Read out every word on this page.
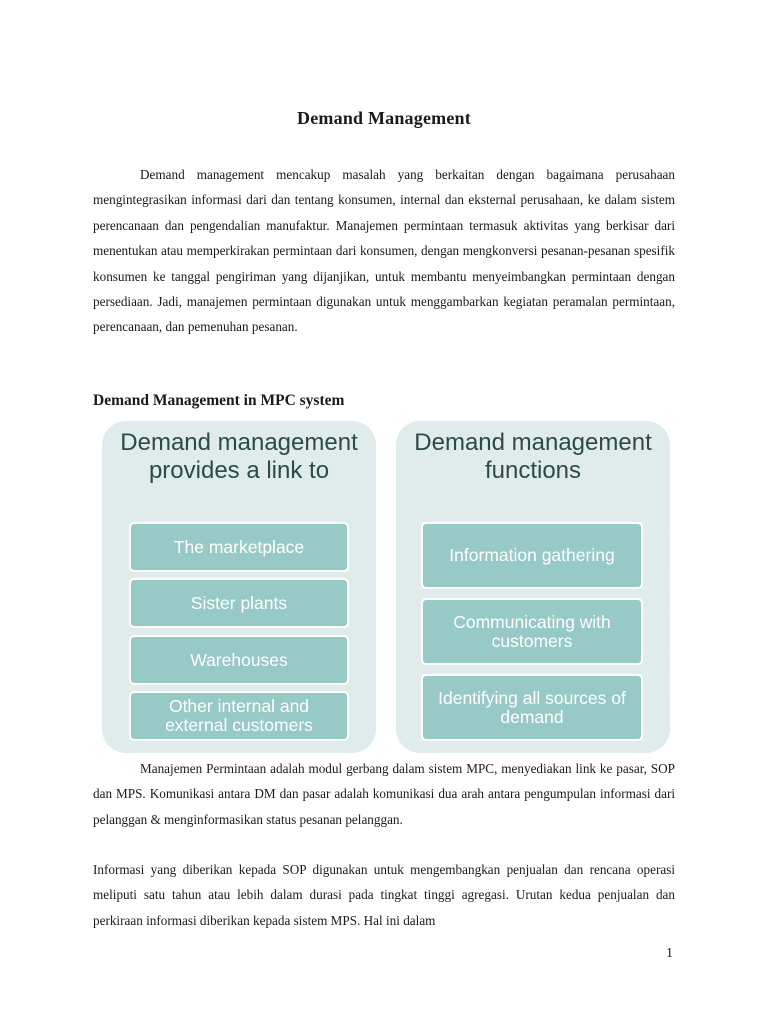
Demand Management

Demand management mencakup masalah yang berkaitan dengan bagaimana perusahaan mengintegrasikan informasi dari dan tentang konsumen, internal dan eksternal perusahaan, ke dalam sistem perencanaan dan pengendalian manufaktur. Manajemen permintaan termasuk aktivitas yang berkisar dari menentukan atau memperkirakan permintaan dari konsumen, dengan mengkonversi pesanan-pesanan spesifik konsumen ke tanggal pengiriman yang dijanjikan, untuk membantu menyeimbangkan permintaan dengan persediaan. Jadi, manajemen permintaan digunakan untuk menggambarkan kegiatan peramalan permintaan, perencanaan, dan pemenuhan pesanan.

Demand Management in MPC system
Demand management provides a link to
The marketplace
Sister plants
Warehouses
Other internal and external customers
Demand management functions
Information gathering
Communicating with customers
Identifying all sources of demand

Manajemen Permintaan adalah modul gerbang dalam sistem MPC, menyediakan link ke pasar, SOP dan MPS. Komunikasi antara DM dan pasar adalah komunikasi dua arah antara pengumpulan informasi dari pelanggan & menginformasikan status pesanan pelanggan.

Informasi yang diberikan kepada SOP digunakan untuk mengembangkan penjualan dan rencana operasi meliputi satu tahun atau lebih dalam durasi pada tingkat tinggi agregasi. Urutan kedua penjualan dan perkiraan informasi diberikan kepada sistem MPS. Hal ini dalam

1
